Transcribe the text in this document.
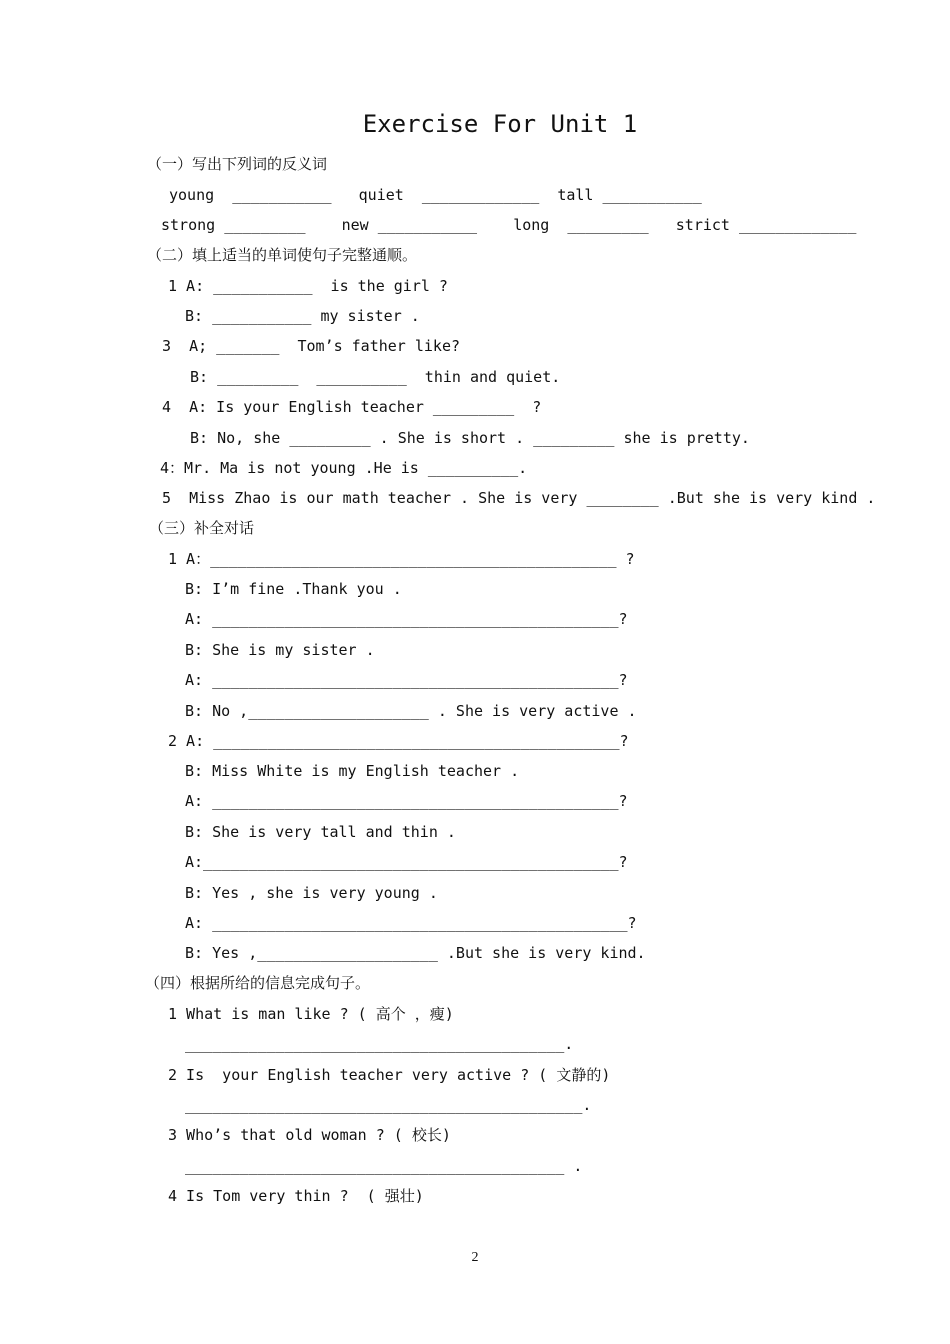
Exercise For Unit 1
（一）写出下列词的反义词
young  ___________   quiet  _____________  tall ___________
strong _________    new ___________    long  _________   strict _____________
（二）填上适当的单词使句子完整通顺。
1 A: ___________  is the girl ?
B: ___________ my sister .
3  A; _______  Tom’s father like?
B: _________  __________  thin and quiet.
4  A: Is your English teacher _________  ?
B: No, she _________ . She is short . _________ she is pretty.
4：Mr. Ma is not young .He is __________.
5  Miss Zhao is our math teacher . She is very ________ .But she is very kind .
（三）补全对话
1 A：_____________________________________________ ?
B: I’m fine .Thank you .
A: _____________________________________________?
B: She is my sister .
A: _____________________________________________?
B: No ,____________________ . She is very active .
2 A: _____________________________________________?
B: Miss White is my English teacher .
A: _____________________________________________?
B: She is very tall and thin .
A:______________________________________________?
B: Yes , she is very young .
A: ______________________________________________?
B: Yes ,____________________ .But she is very kind.
（四）根据所给的信息完成句子。
1 What is man like ? ( 高个 ，瘦)
__________________________________________.
2 Is  your English teacher very active ? ( 文静的)
____________________________________________.
3 Who’s that old woman ? ( 校长)
__________________________________________ .
4 Is Tom very thin ?  ( 强壮)
2
